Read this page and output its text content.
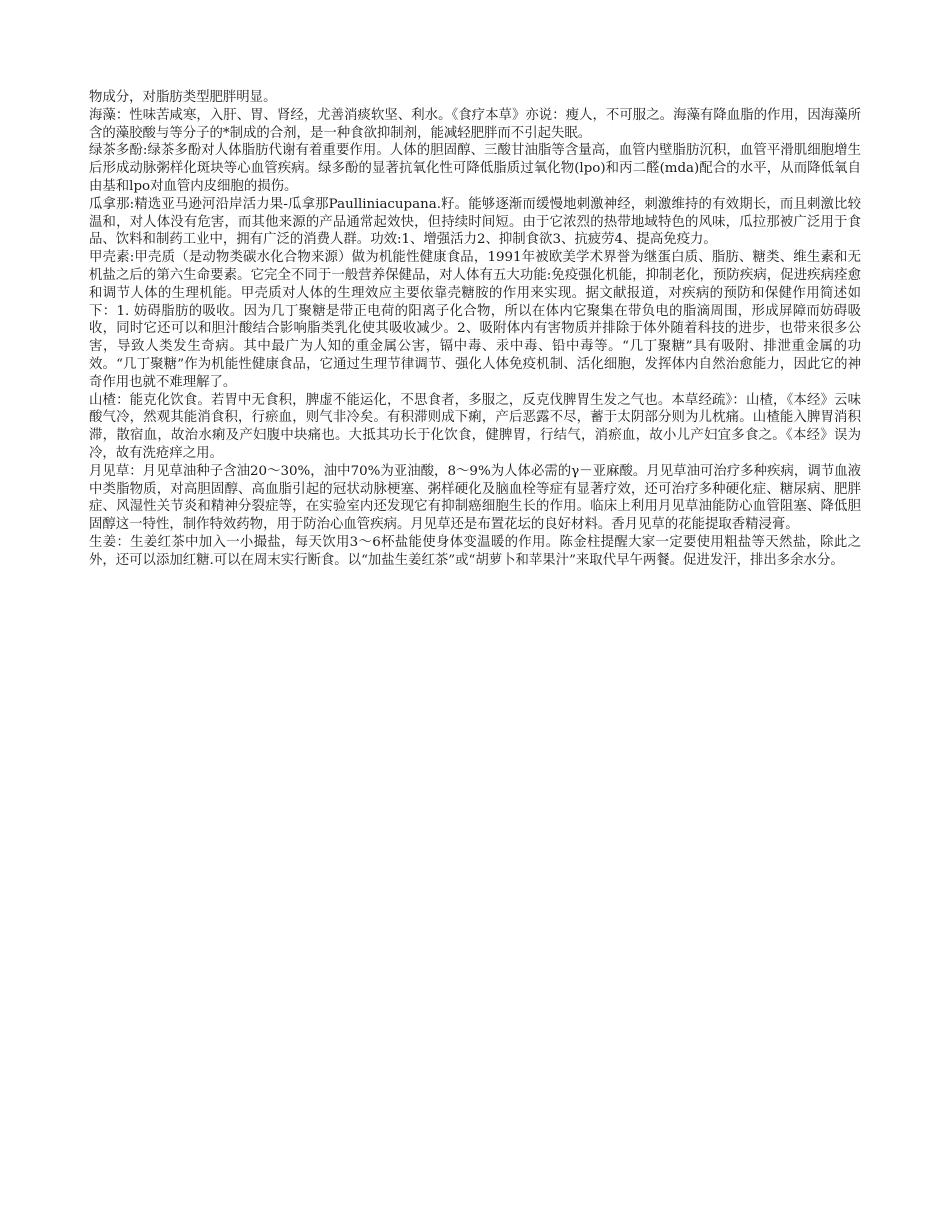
物成分，对脂肪类型肥胖明显。

海藻：性味苦咸寒，入肝、胃、肾经，尤善消痰软坚、利水。《食疗本草》亦说：瘦人，不可服之。海藻有降血脂的作用，因海藻所含的藻胶酸与等分子的*制成的合剂，是一种食欲抑制剂，能减轻肥胖而不引起失眠。

绿茶多酚:绿茶多酚对人体脂肪代谢有着重要作用。人体的胆固醇、三酸甘油脂等含量高，血管内壁脂肪沉积，血管平滑肌细胞增生后形成动脉粥样化斑块等心血管疾病。绿多酚的显著抗氧化性可降低脂质过氧化物(lpo)和丙二醛(mda)配合的水平，从而降低氧自由基和lpo对血管内皮细胞的损伤。

瓜拿那:精选亚马逊河沿岸活力果-瓜拿那Paulliniacupana.籽。能够逐渐而缓慢地刺激神经，刺激维持的有效期长，而且刺激比较温和，对人体没有危害，而其他来源的产品通常起效快，但持续时间短。由于它浓烈的热带地域特色的风味，瓜拉那被广泛用于食品、饮料和制药工业中，拥有广泛的消费人群。功效:1、增强活力2、抑制食欲3、抗疲劳4、提高免疫力。

甲壳素:甲壳质（是动物类碳水化合物来源）做为机能性健康食品，1991年被欧美学术界誉为继蛋白质、脂肪、糖类、维生素和无机盐之后的第六生命要素。它完全不同于一般营养保健品，对人体有五大功能:免疫强化机能，抑制老化，预防疾病，促进疾病痊愈和调节人体的生理机能。甲壳质对人体的生理效应主要依靠壳糖胺的作用来实现。据文献报道，对疾病的预防和保健作用简述如下：1. 妨碍脂肪的吸收。因为几丁聚糖是带正电荷的阳离子化合物，所以在体内它聚集在带负电的脂滴周围，形成屏障而妨碍吸收，同时它还可以和胆汁酸结合影响脂类乳化使其吸收减少。2、吸附体内有害物质并排除于体外随着科技的进步，也带来很多公害，导致人类发生奇病。其中最广为人知的重金属公害，镉中毒、汞中毒、铅中毒等。“几丁聚糖”具有吸附、排泄重金属的功效。“几丁聚糖”作为机能性健康食品，它通过生理节律调节、强化人体免疫机制、活化细胞，发挥体内自然治愈能力，因此它的神奇作用也就不难理解了。

山楂：能克化饮食。若胃中无食积，脾虚不能运化，不思食者，多服之，反克伐脾胃生发之气也。本草经疏》：山楂，《本经》云味酸气冷，然观其能消食积，行瘀血，则气非冷矣。有积滞则成下痢，产后恶露不尽，蓄于太阴部分则为儿枕痛。山楂能入脾胃消积滞，散宿血，故治水痢及产妇腹中块痛也。大抵其功长于化饮食，健脾胃，行结气，消瘀血，故小儿产妇宜多食之。《本经》误为冷，故有洗疮痒之用。

月见草：月见草油种子含油20～30%，油中70%为亚油酸，8～9%为人体必需的γ－亚麻酸。月见草油可治疗多种疾病，调节血液中类脂物质，对高胆固醇、高血脂引起的冠状动脉梗塞、粥样硬化及脑血栓等症有显著疗效，还可治疗多种硬化症、糖尿病、肥胖症、风湿性关节炎和精神分裂症等，在实验室内还发现它有抑制癌细胞生长的作用。临床上利用月见草油能防心血管阻塞、降低胆固醇这一特性，制作特效药物，用于防治心血管疾病。月见草还是布置花坛的良好材料。香月见草的花能提取香精浸膏。

生姜：生姜红茶中加入一小撮盐，每天饮用3～6杯盐能使身体变温暖的作用。陈金柱提醒大家一定要使用粗盐等天然盐，除此之外，还可以添加红糖.可以在周末实行断食。以“加盐生姜红茶”或“胡萝卜和苹果汁”来取代早午两餐。促进发汗，排出多余水分。
